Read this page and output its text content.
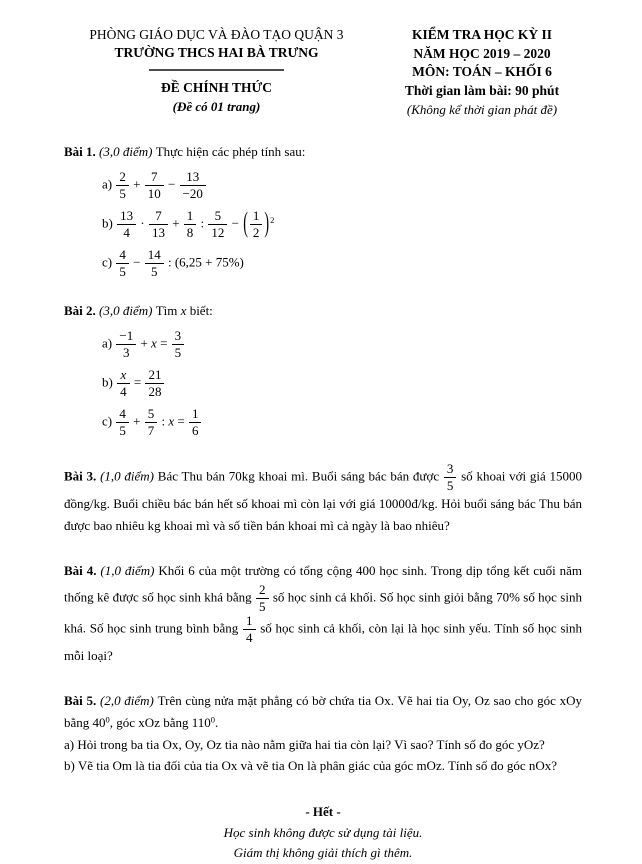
PHÒNG GIÁO DỤC VÀ ĐÀO TẠO QUẬN 3
TRƯỜNG THCS HAI BÀ TRƯNG
ĐỀ CHÍNH THỨC
(Đề có 01 trang)
KIỂM TRA HỌC KỲ II
NĂM HỌC 2019 – 2020
MÔN: TOÁN – KHỐI 6
Thời gian làm bài: 90 phút
(Không kể thời gian phát đề)
Bài 1. (3,0 điểm) Thực hiện các phép tính sau:
$a) \frac{2}{5} + \frac{7}{10} - \frac{13}{-20}$
$b) \frac{13}{4} \cdot \frac{7}{13} + \frac{1}{8}$ : $\frac{5}{12}$ − ( $\frac{1}{2} )^2$
$c) \frac{4}{5} - \frac{14}{5}$ : (6,25 + 75%)
Bài 2. (3,0 điểm) Tìm x biết:
$a) \frac{-1}{3} + x = \frac{3}{5}$
$b) \frac{x}{4} = \frac{21}{28}$
$c) \frac{4}{5} + \frac{5}{7}$ : $x = \frac{1}{6}$
Bài 3. (1,0 điểm) Bác Thu bán 70kg khoai mì. Buổi sáng bác bán được $\frac{3}{5}$ số khoai với giá 15000 đồng/kg. Buổi chiều bác bán hết số khoai mì còn lại với giá 10000đ/kg. Hỏi buổi sáng bác Thu bán được bao nhiêu kg khoai mì và số tiền bán khoai mì cả ngày là bao nhiêu?
Bài 4. (1,0 điểm) Khối 6 của một trường có tổng cộng 400 học sinh. Trong dịp tổng kết cuối năm thống kê được số học sinh khá bằng $\frac{2}{5}$ số học sinh cả khối. Số học sinh giỏi bằng 70% số học sinh khá. Số học sinh trung bình bằng $\frac{1}{4}$ số học sinh cả khối, còn lại là học sinh yếu. Tính số học sinh mỗi loại?
Bài 5. (2,0 điểm) Trên cùng nửa mặt phẳng có bờ chứa tia Ox. Vẽ hai tia Oy, Oz sao cho góc xOy bằng $40^0$, góc xOz bằng $110^0$.
a) Hỏi trong ba tia Ox, Oy, Oz tia nào nằm giữa hai tia còn lại? Vì sao? Tính số đo góc yOz?
b) Vẽ tia Om là tia đối của tia Ox và vẽ tia On là phân giác của góc mOz. Tính số đo góc nOx?
- Hết -
Học sinh không được sử dụng tài liệu.
Giám thị không giải thích gì thêm.
